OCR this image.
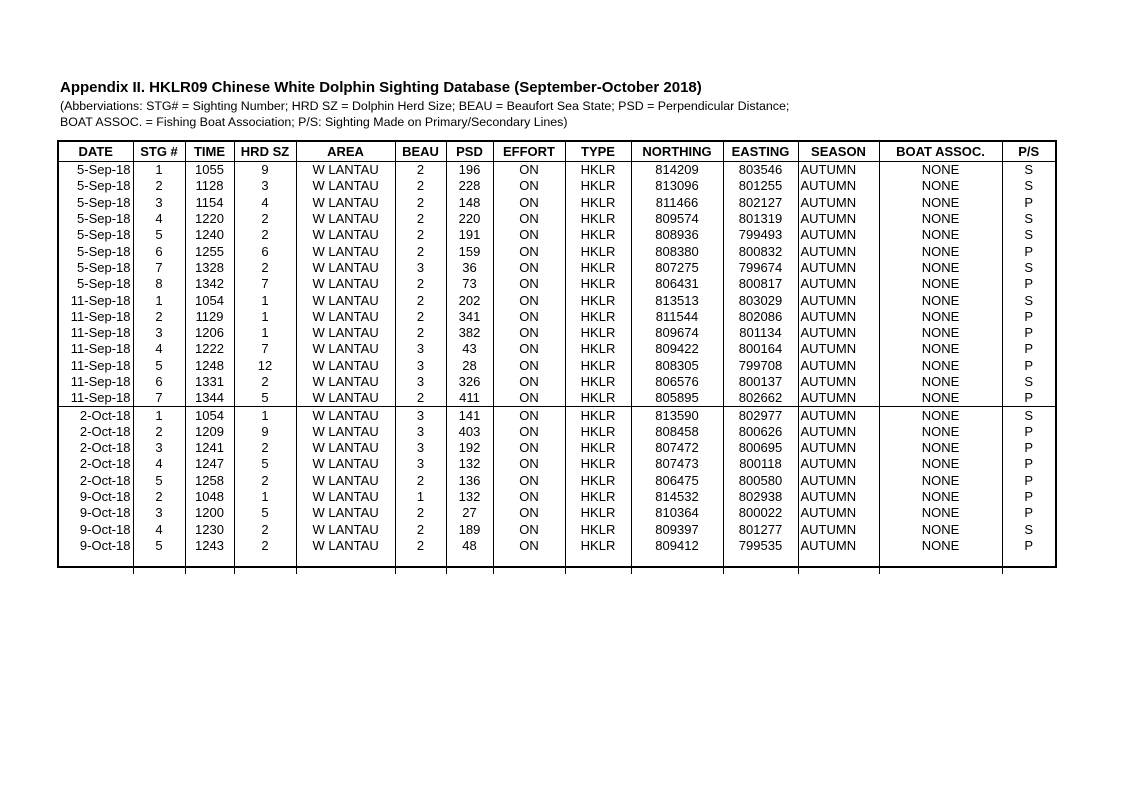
Appendix II. HKLR09 Chinese White Dolphin Sighting Database (September-October 2018)
(Abberviations: STG# = Sighting Number; HRD SZ = Dolphin Herd Size; BEAU = Beaufort Sea State; PSD = Perpendicular Distance;
BOAT ASSOC. = Fishing Boat Association; P/S: Sighting Made on Primary/Secondary Lines)
DATE	STG #	TIME	HRD SZ	AREA	BEAU	PSD	EFFORT	TYPE	NORTHING	EASTING	SEASON	BOAT ASSOC.	P/S
5-Sep-18	1	1055	9	W LANTAU	2	196	ON	HKLR	814209	803546	AUTUMN	NONE	S
5-Sep-18	2	1128	3	W LANTAU	2	228	ON	HKLR	813096	801255	AUTUMN	NONE	S
5-Sep-18	3	1154	4	W LANTAU	2	148	ON	HKLR	811466	802127	AUTUMN	NONE	P
5-Sep-18	4	1220	2	W LANTAU	2	220	ON	HKLR	809574	801319	AUTUMN	NONE	S
5-Sep-18	5	1240	2	W LANTAU	2	191	ON	HKLR	808936	799493	AUTUMN	NONE	S
5-Sep-18	6	1255	6	W LANTAU	2	159	ON	HKLR	808380	800832	AUTUMN	NONE	P
5-Sep-18	7	1328	2	W LANTAU	3	36	ON	HKLR	807275	799674	AUTUMN	NONE	S
5-Sep-18	8	1342	7	W LANTAU	2	73	ON	HKLR	806431	800817	AUTUMN	NONE	P
11-Sep-18	1	1054	1	W LANTAU	2	202	ON	HKLR	813513	803029	AUTUMN	NONE	S
11-Sep-18	2	1129	1	W LANTAU	2	341	ON	HKLR	811544	802086	AUTUMN	NONE	P
11-Sep-18	3	1206	1	W LANTAU	2	382	ON	HKLR	809674	801134	AUTUMN	NONE	P
11-Sep-18	4	1222	7	W LANTAU	3	43	ON	HKLR	809422	800164	AUTUMN	NONE	P
11-Sep-18	5	1248	12	W LANTAU	3	28	ON	HKLR	808305	799708	AUTUMN	NONE	P
11-Sep-18	6	1331	2	W LANTAU	3	326	ON	HKLR	806576	800137	AUTUMN	NONE	S
11-Sep-18	7	1344	5	W LANTAU	2	411	ON	HKLR	805895	802662	AUTUMN	NONE	P
2-Oct-18	1	1054	1	W LANTAU	3	141	ON	HKLR	813590	802977	AUTUMN	NONE	S
2-Oct-18	2	1209	9	W LANTAU	3	403	ON	HKLR	808458	800626	AUTUMN	NONE	P
2-Oct-18	3	1241	2	W LANTAU	3	192	ON	HKLR	807472	800695	AUTUMN	NONE	P
2-Oct-18	4	1247	5	W LANTAU	3	132	ON	HKLR	807473	800118	AUTUMN	NONE	P
2-Oct-18	5	1258	2	W LANTAU	2	136	ON	HKLR	806475	800580	AUTUMN	NONE	P
9-Oct-18	2	1048	1	W LANTAU	1	132	ON	HKLR	814532	802938	AUTUMN	NONE	P
9-Oct-18	3	1200	5	W LANTAU	2	27	ON	HKLR	810364	800022	AUTUMN	NONE	P
9-Oct-18	4	1230	2	W LANTAU	2	189	ON	HKLR	809397	801277	AUTUMN	NONE	S
9-Oct-18	5	1243	2	W LANTAU	2	48	ON	HKLR	809412	799535	AUTUMN	NONE	P
